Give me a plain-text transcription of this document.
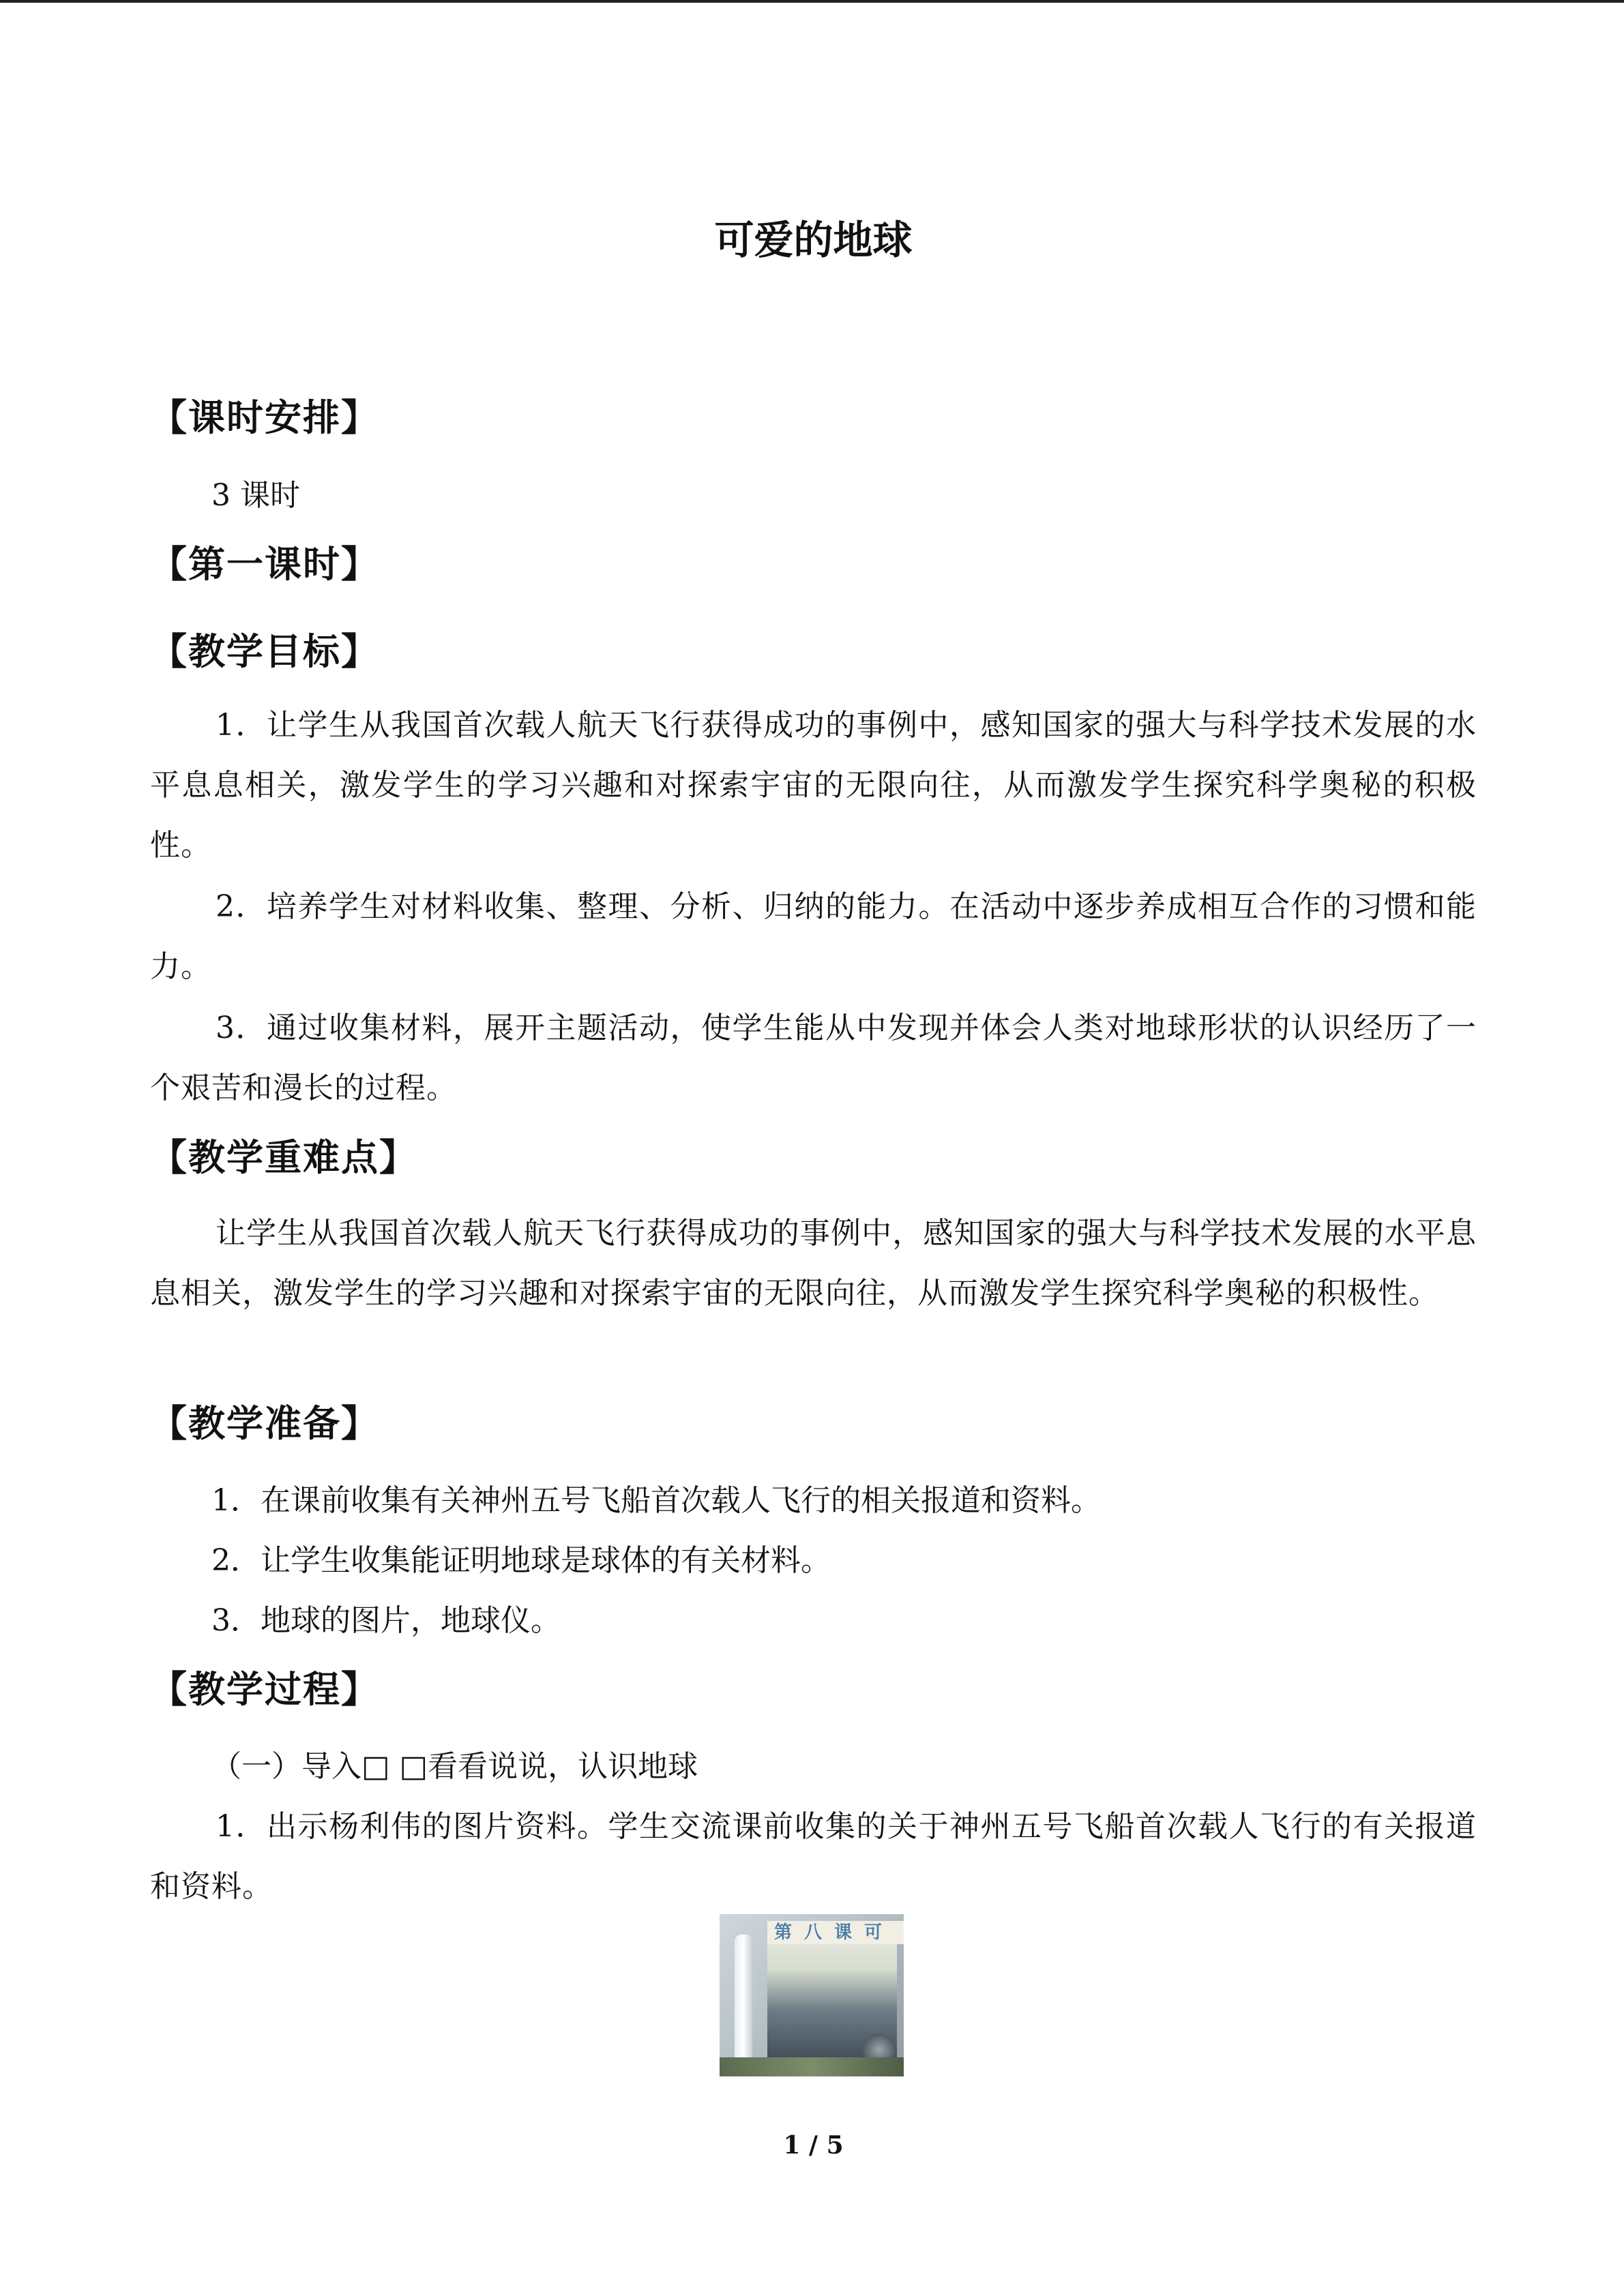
可爱的地球
【课时安排】
3 课时
【第一课时】
【教学目标】
1．让学生从我国首次载人航天飞行获得成功的事例中，感知国家的强大与科学技术发展的水平息息相关，激发学生的学习兴趣和对探索宇宙的无限向往，从而激发学生探究科学奥秘的积极性。
2．培养学生对材料收集、整理、分析、归纳的能力。在活动中逐步养成相互合作的习惯和能力。
3．通过收集材料，展开主题活动，使学生能从中发现并体会人类对地球形状的认识经历了一个艰苦和漫长的过程。
【教学重难点】
让学生从我国首次载人航天飞行获得成功的事例中，感知国家的强大与科学技术发展的水平息息相关，激发学生的学习兴趣和对探索宇宙的无限向往，从而激发学生探究科学奥秘的积极性。
【教学准备】
1．在课前收集有关神州五号飞船首次载人飞行的相关报道和资料。
2．让学生收集能证明地球是球体的有关材料。
3．地球的图片，地球仪。
【教学过程】
（一）导入□ □看看说说，认识地球
1．出示杨利伟的图片资料。学生交流课前收集的关于神州五号飞船首次载人飞行的有关报道和资料。
第八课可
1 / 5
